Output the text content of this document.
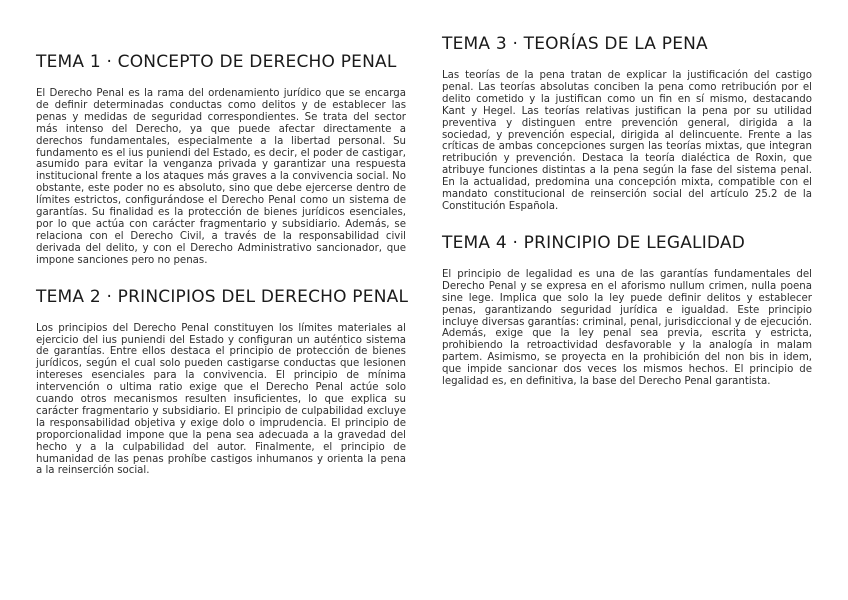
TEMA 1 · CONCEPTO DE DERECHO PENAL

El Derecho Penal es la rama del ordenamiento jurídico que se encarga de definir determinadas conductas como delitos y de establecer las penas y medidas de seguridad correspondientes. Se trata del sector más intenso del Derecho, ya que puede afectar directamente a derechos fundamentales, especialmente a la libertad personal. Su fundamento es el ius puniendi del Estado, es decir, el poder de castigar, asumido para evitar la venganza privada y garantizar una respuesta institucional frente a los ataques más graves a la convivencia social. No obstante, este poder no es absoluto, sino que debe ejercerse dentro de límites estrictos, configurándose el Derecho Penal como un sistema de garantías. Su finalidad es la protección de bienes jurídicos esenciales, por lo que actúa con carácter fragmentario y subsidiario. Además, se relaciona con el Derecho Civil, a través de la responsabilidad civil derivada del delito, y con el Derecho Administrativo sancionador, que impone sanciones pero no penas.

TEMA 2 · PRINCIPIOS DEL DERECHO PENAL

Los principios del Derecho Penal constituyen los límites materiales al ejercicio del ius puniendi del Estado y configuran un auténtico sistema de garantías. Entre ellos destaca el principio de protección de bienes jurídicos, según el cual solo pueden castigarse conductas que lesionen intereses esenciales para la convivencia. El principio de mínima intervención o ultima ratio exige que el Derecho Penal actúe solo cuando otros mecanismos resulten insuficientes, lo que explica su carácter fragmentario y subsidiario. El principio de culpabilidad excluye la responsabilidad objetiva y exige dolo o imprudencia. El principio de proporcionalidad impone que la pena sea adecuada a la gravedad del hecho y a la culpabilidad del autor. Finalmente, el principio de humanidad de las penas prohíbe castigos inhumanos y orienta la pena a la reinserción social.

TEMA 3 · TEORÍAS DE LA PENA

Las teorías de la pena tratan de explicar la justificación del castigo penal. Las teorías absolutas conciben la pena como retribución por el delito cometido y la justifican como un fin en sí mismo, destacando Kant y Hegel. Las teorías relativas justifican la pena por su utilidad preventiva y distinguen entre prevención general, dirigida a la sociedad, y prevención especial, dirigida al delincuente. Frente a las críticas de ambas concepciones surgen las teorías mixtas, que integran retribución y prevención. Destaca la teoría dialéctica de Roxin, que atribuye funciones distintas a la pena según la fase del sistema penal. En la actualidad, predomina una concepción mixta, compatible con el mandato constitucional de reinserción social del artículo 25.2 de la Constitución Española.

TEMA 4 · PRINCIPIO DE LEGALIDAD

El principio de legalidad es una de las garantías fundamentales del Derecho Penal y se expresa en el aforismo nullum crimen, nulla poena sine lege. Implica que solo la ley puede definir delitos y establecer penas, garantizando seguridad jurídica e igualdad. Este principio incluye diversas garantías: criminal, penal, jurisdiccional y de ejecución. Además, exige que la ley penal sea previa, escrita y estricta, prohibiendo la retroactividad desfavorable y la analogía in malam partem. Asimismo, se proyecta en la prohibición del non bis in idem, que impide sancionar dos veces los mismos hechos. El principio de legalidad es, en definitiva, la base del Derecho Penal garantista.
